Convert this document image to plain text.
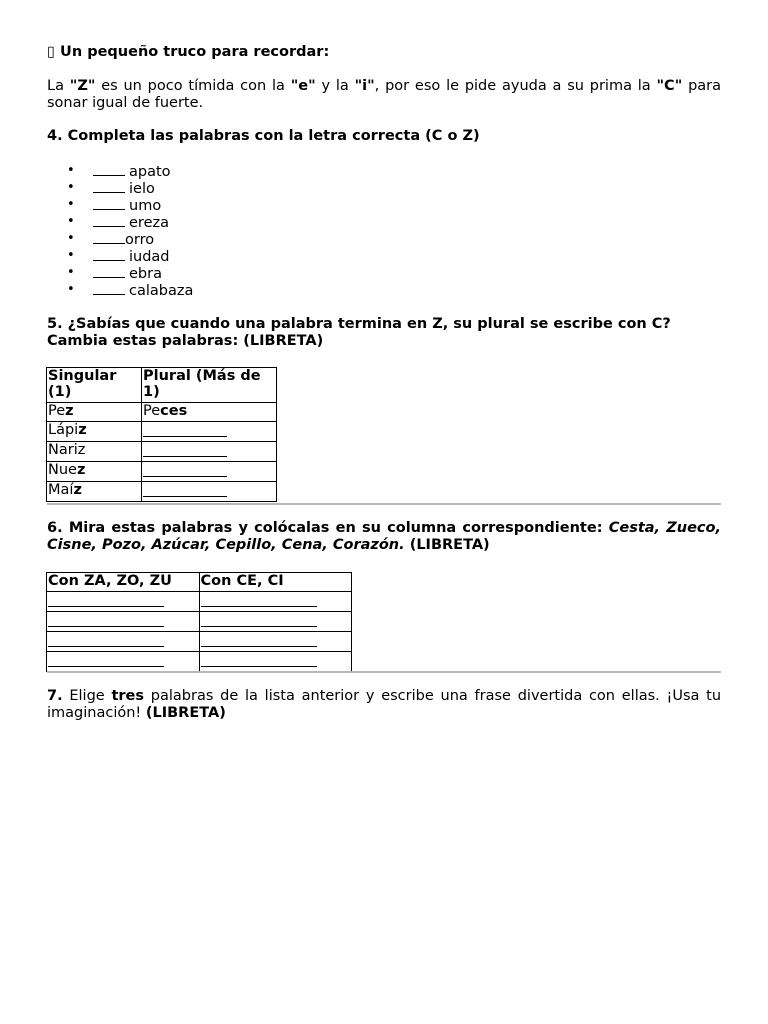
▯ Un pequeño truco para recordar:
La "Z" es un poco tímida con la "e" y la "i", por eso le pide ayuda a su prima la "C" para sonar igual de fuerte.
4. Completa las palabras con la letra correcta (C o Z)
• apato
• ielo
• umo
• ereza
• orro
• iudad
• ebra
• calabaza
5. ¿Sabías que cuando una palabra termina en Z, su plural se escribe con C?
Cambia estas palabras: (LIBRETA)
Singular (1)	Plural (Más de 1)
Pez	Peces
Lápiz	
Nariz	
Nuez	
Maíz	
6. Mira estas palabras y colócalas en su columna correspondiente: Cesta, Zueco, Cisne, Pozo, Azúcar, Cepillo, Cena, Corazón. (LIBRETA)
Con ZA, ZO, ZU	Con CE, CI

7. Elige tres palabras de la lista anterior y escribe una frase divertida con ellas. ¡Usa tu imaginación! (LIBRETA)
